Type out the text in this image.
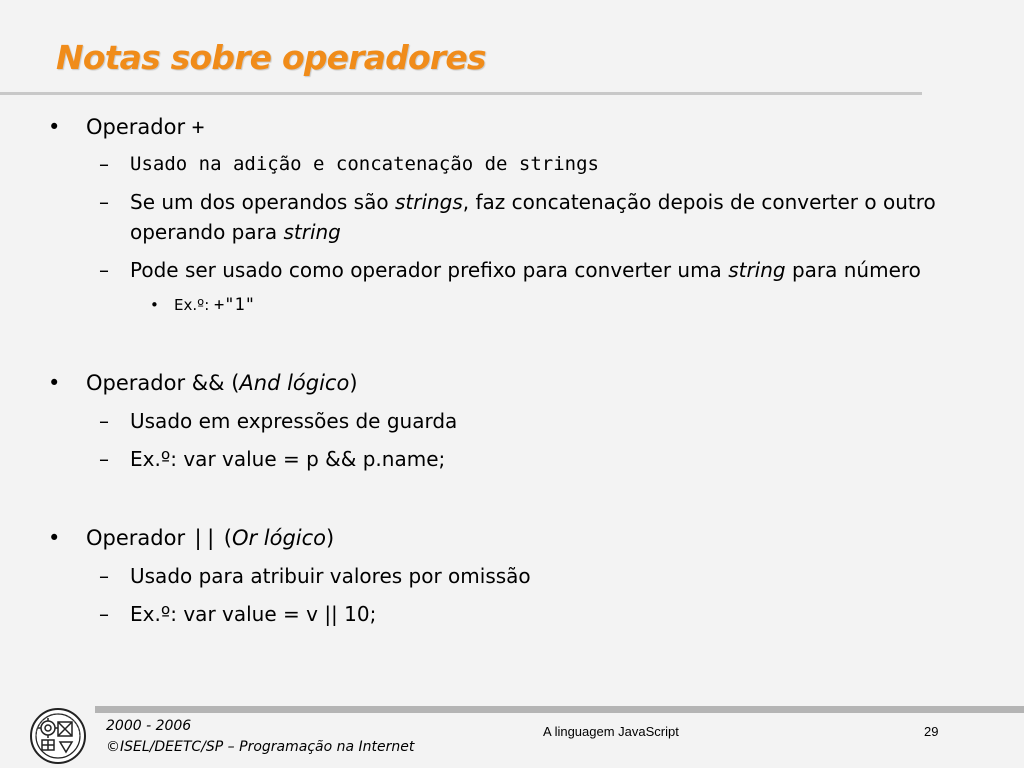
Notas sobre operadores
• Operador +
– Usado na adição e concatenação de strings
– Se um dos operandos são strings, faz concatenação depois de converter o outro
operando para string
– Pode ser usado como operador prefixo para converter uma string para número
• Ex.º: +"1"
• Operador && (And lógico)
– Usado em expressões de guarda
– Ex.º: var value = p && p.name;
• Operador || (Or lógico)
– Usado para atribuir valores por omissão
– Ex.º: var value = v || 10;
2000 - 2006
©ISEL/DEETC/SP – Programação na Internet
A linguagem JavaScript	29
